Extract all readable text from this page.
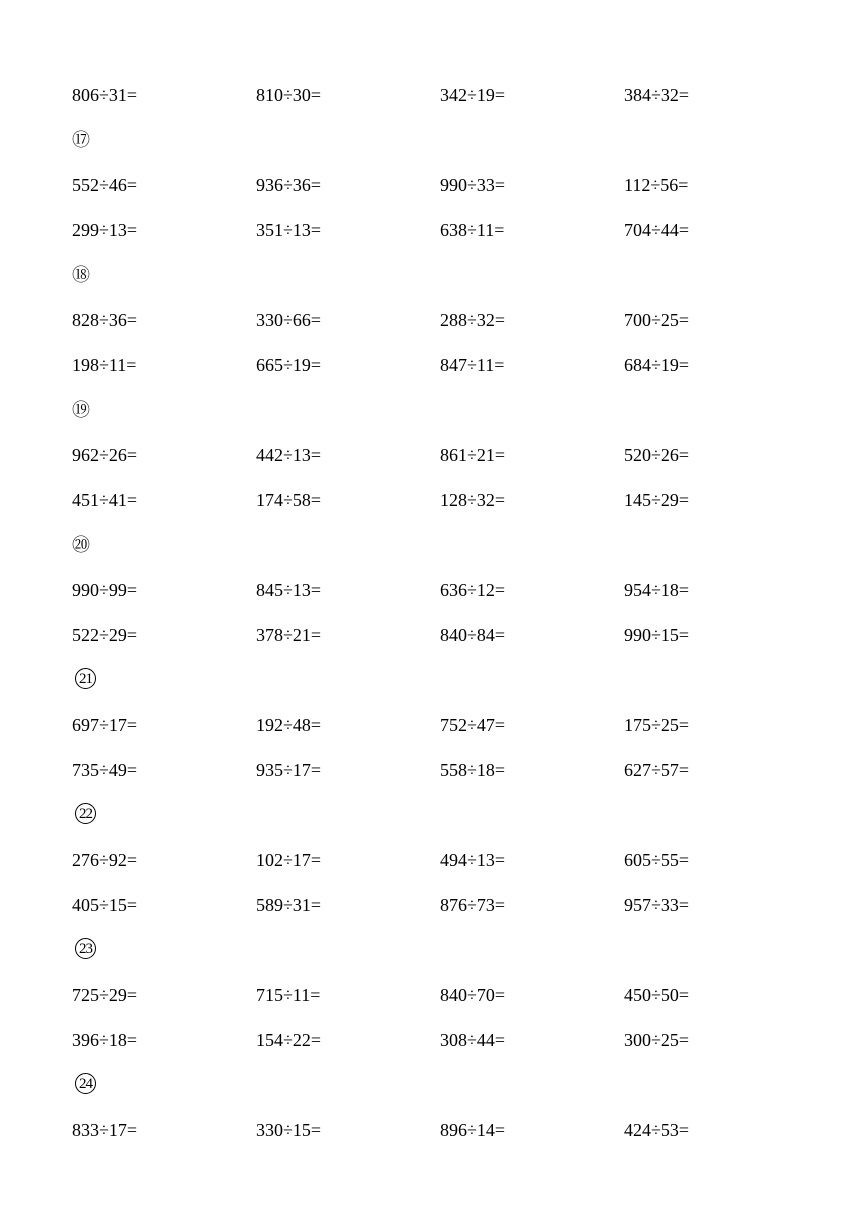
806÷31=	810÷30=	342÷19=	384÷32=
⑰
552÷46=	936÷36=	990÷33=	112÷56=
299÷13=	351÷13=	638÷11=	704÷44=
⑱
828÷36=	330÷66=	288÷32=	700÷25=
198÷11=	665÷19=	847÷11=	684÷19=
⑲
962÷26=	442÷13=	861÷21=	520÷26=
451÷41=	174÷58=	128÷32=	145÷29=
⑳
990÷99=	845÷13=	636÷12=	954÷18=
522÷29=	378÷21=	840÷84=	990÷15=
21
697÷17=	192÷48=	752÷47=	175÷25=
735÷49=	935÷17=	558÷18=	627÷57=
22
276÷92=	102÷17=	494÷13=	605÷55=
405÷15=	589÷31=	876÷73=	957÷33=
23
725÷29=	715÷11=	840÷70=	450÷50=
396÷18=	154÷22=	308÷44=	300÷25=
24
833÷17=	330÷15=	896÷14=	424÷53=
